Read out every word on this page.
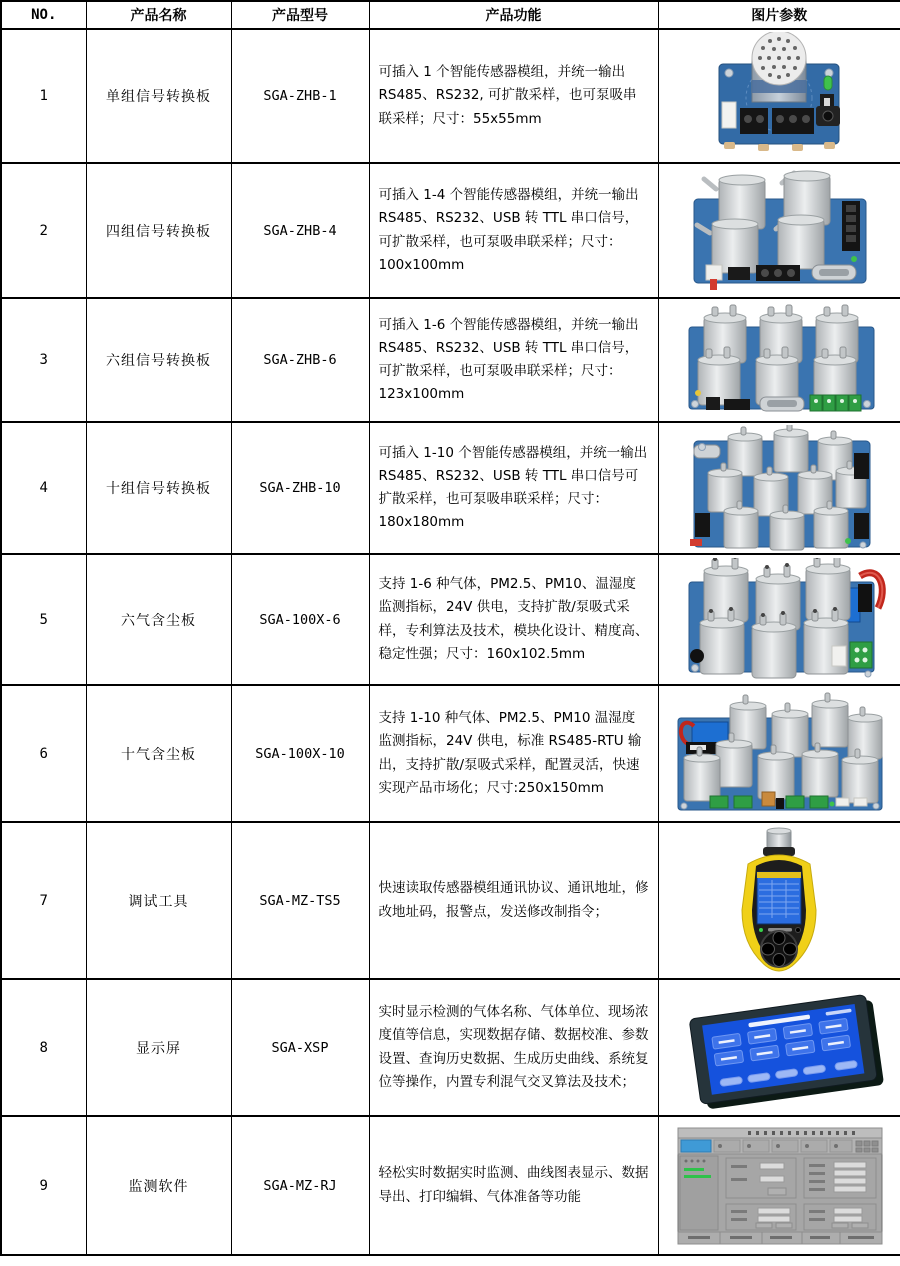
NO.	产品名称	产品型号	产品功能	图片参数
1	单组信号转换板	SGA-ZHB-1	可插入 1 个智能传感器模组，并统一输出 RS485、RS232, 可扩散采样，也可泵吸串联采样；尺寸：55x55mm	

2	四组信号转换板	SGA-ZHB-4	可插入 1-4 个智能传感器模组，并统一输出 RS485、RS232、USB 转 TTL 串口信号，可扩散采样，也可泵吸串联采样；尺寸：100x100mm	

3	六组信号转换板	SGA-ZHB-6	可插入 1-6 个智能传感器模组，并统一输出 RS485、RS232、USB 转 TTL 串口信号，可扩散采样，也可泵吸串联采样；尺寸：123x100mm	

4	十组信号转换板	SGA-ZHB-10	可插入 1-10 个智能传感器模组，并统一输出 RS485、RS232、USB 转 TTL 串口信号可扩散采样，也可泵吸串联采样；尺寸：180x180mm	

5	六气含尘板	SGA-100X-6	支持 1-6 种气体，PM2.5、PM10、温湿度监测指标，24V 供电，支持扩散/泵吸式采样，专利算法及技术，模块化设计、精度高、稳定性强；尺寸：160x102.5mm	

6	十气含尘板	SGA-100X-10	支持 1-10 种气体、PM2.5、PM10 温湿度监测指标，24V 供电，标准 RS485-RTU 输出，支持扩散/泵吸式采样，配置灵活，快速实现产品市场化；尺寸:250x150mm	

7	调试工具	SGA-MZ-TS5	快速读取传感器模组通讯协议、通讯地址，修改地址码，报警点，发送修改制指令；	

8	显示屏	SGA-XSP	实时显示检测的气体名称、气体单位、现场浓度值等信息，实现数据存储、数据校准、参数设置、查询历史数据、生成历史曲线、系统复位等操作，内置专利混气交叉算法及技术；	

9	监测软件	SGA-MZ-RJ	轻松实时数据实时监测、曲线图表显示、数据导出、打印编辑、气体准备等功能	
